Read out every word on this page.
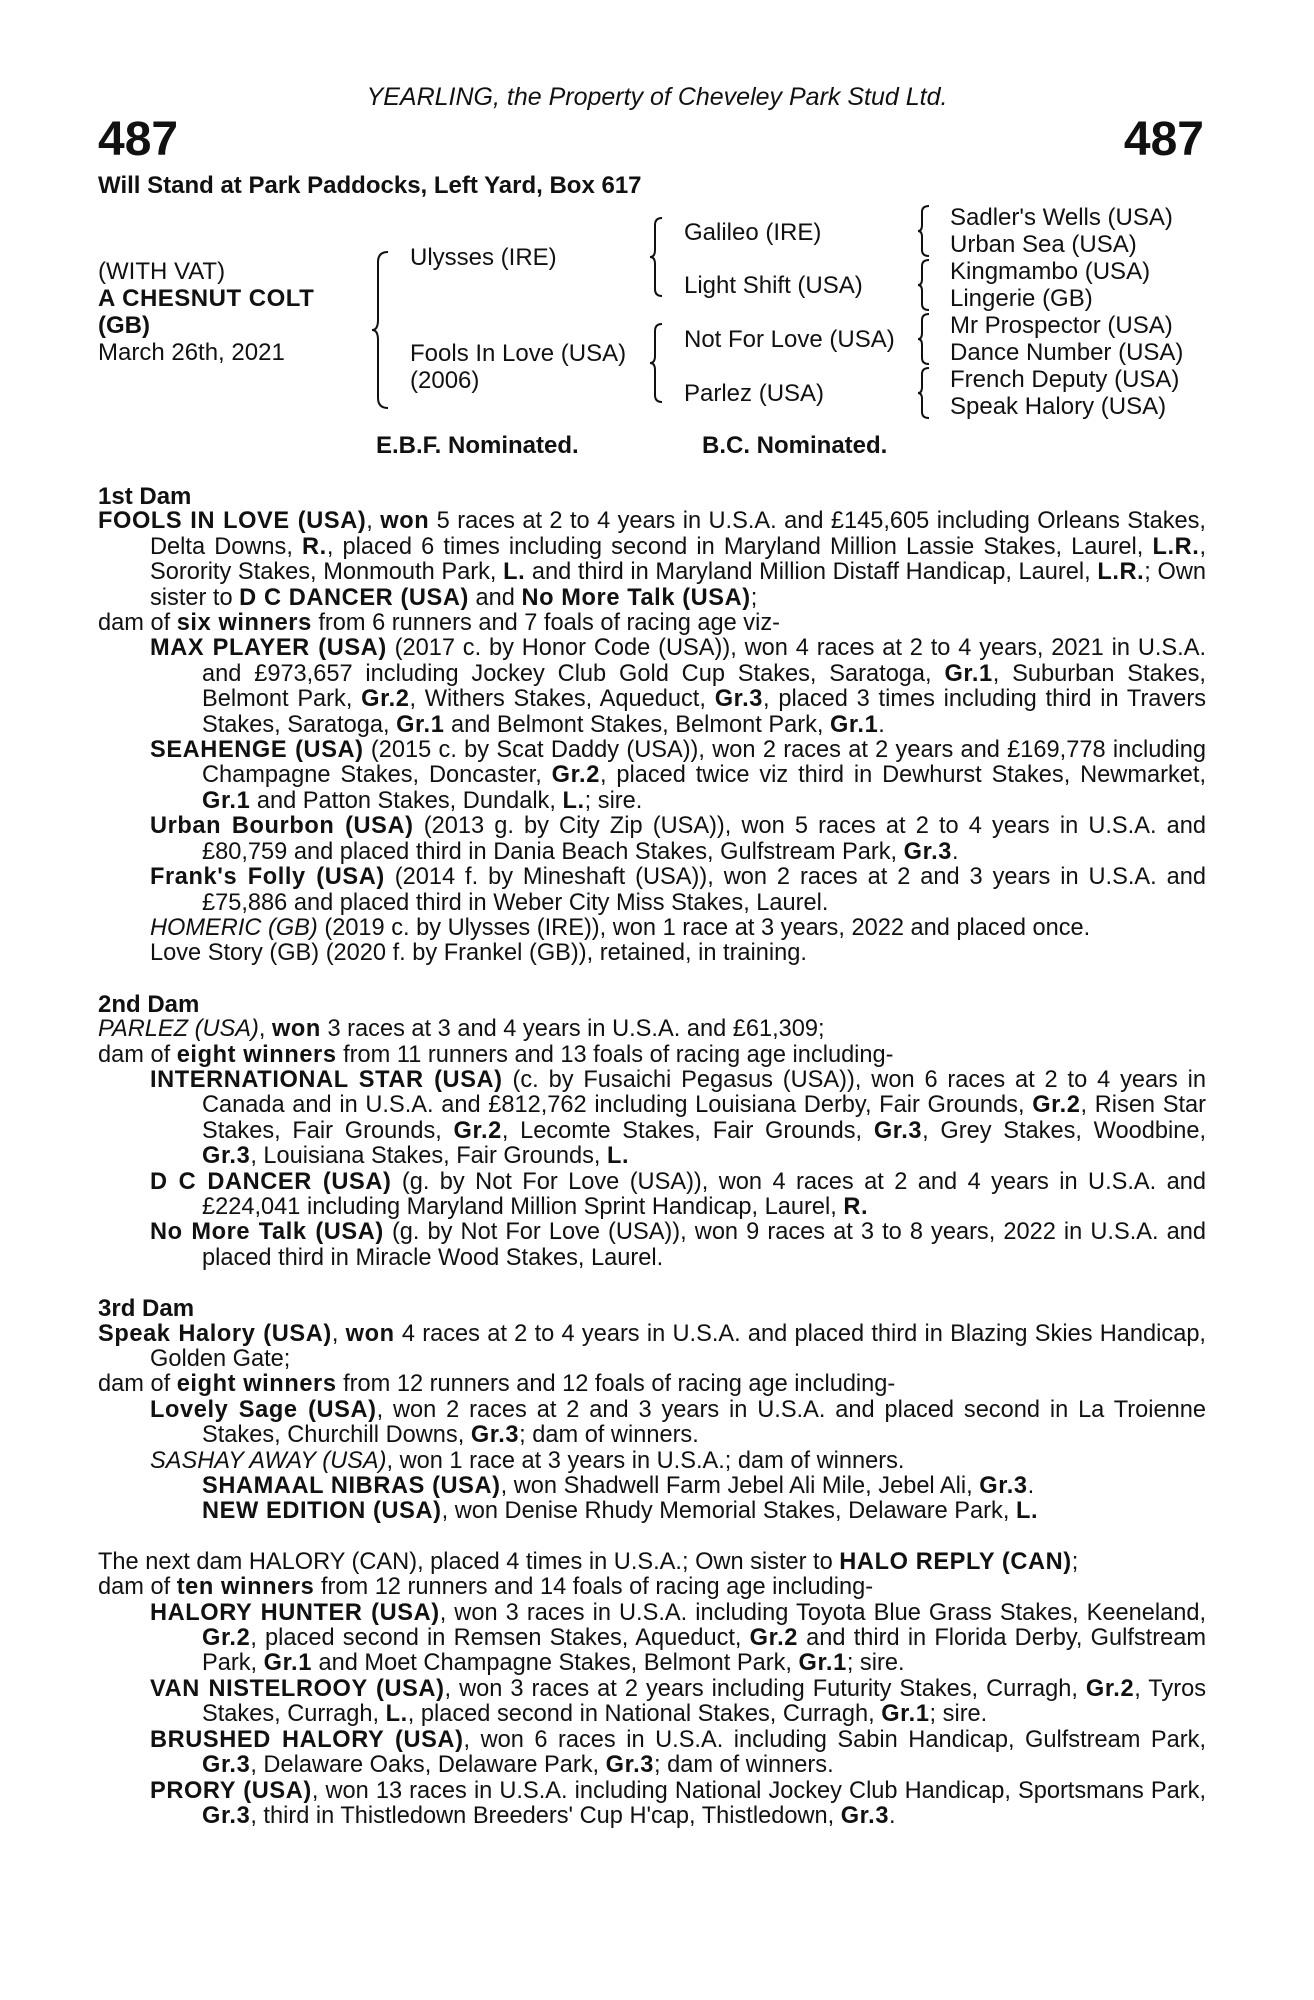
YEARLING, the Property of Cheveley Park Stud Ltd.
487	487
Will Stand at Park Paddocks, Left Yard, Box 617
(WITH VAT)
A CHESNUT COLT
(GB)
March 26th, 2021
Ulysses (IRE)
Fools In Love (USA)
(2006)
Galileo (IRE)
Light Shift (USA)
Not For Love (USA)
Parlez (USA)
Sadler's Wells (USA)
Urban Sea (USA)
Kingmambo (USA)
Lingerie (GB)
Mr Prospector (USA)
Dance Number (USA)
French Deputy (USA)
Speak Halory (USA)
E.B.F. Nominated.	B.C. Nominated.
1st Dam

FOOLS IN LOVE (USA), won 5 races at 2 to 4 years in U.S.A. and £145,605 including Orleans Stakes, Delta Downs, R., placed 6 times including second in Maryland Million Lassie Stakes, Laurel, L.R., Sorority Stakes, Monmouth Park, L. and third in Maryland Million Distaff Handicap, Laurel, L.R.; Own sister to D C DANCER (USA) and No More Talk (USA);

dam of six winners from 6 runners and 7 foals of racing age viz-

MAX PLAYER (USA) (2017 c. by Honor Code (USA)), won 4 races at 2 to 4 years, 2021 in U.S.A. and £973,657 including Jockey Club Gold Cup Stakes, Saratoga, Gr.1, Suburban Stakes, Belmont Park, Gr.2, Withers Stakes, Aqueduct, Gr.3, placed 3 times including third in Travers Stakes, Saratoga, Gr.1 and Belmont Stakes, Belmont Park, Gr.1.

SEAHENGE (USA) (2015 c. by Scat Daddy (USA)), won 2 races at 2 years and £169,778 including Champagne Stakes, Doncaster, Gr.2, placed twice viz third in Dewhurst Stakes, Newmarket, Gr.1 and Patton Stakes, Dundalk, L.; sire.

Urban Bourbon (USA) (2013 g. by City Zip (USA)), won 5 races at 2 to 4 years in U.S.A. and £80,759 and placed third in Dania Beach Stakes, Gulfstream Park, Gr.3.

Frank's Folly (USA) (2014 f. by Mineshaft (USA)), won 2 races at 2 and 3 years in U.S.A. and £75,886 and placed third in Weber City Miss Stakes, Laurel.

HOMERIC (GB) (2019 c. by Ulysses (IRE)), won 1 race at 3 years, 2022 and placed once.

Love Story (GB) (2020 f. by Frankel (GB)), retained, in training.

2nd Dam

PARLEZ (USA), won 3 races at 3 and 4 years in U.S.A. and £61,309;

dam of eight winners from 11 runners and 13 foals of racing age including-

INTERNATIONAL STAR (USA) (c. by Fusaichi Pegasus (USA)), won 6 races at 2 to 4 years in Canada and in U.S.A. and £812,762 including Louisiana Derby, Fair Grounds, Gr.2, Risen Star Stakes, Fair Grounds, Gr.2, Lecomte Stakes, Fair Grounds, Gr.3, Grey Stakes, Woodbine, Gr.3, Louisiana Stakes, Fair Grounds, L.

D C DANCER (USA) (g. by Not For Love (USA)), won 4 races at 2 and 4 years in U.S.A. and £224,041 including Maryland Million Sprint Handicap, Laurel, R.

No More Talk (USA) (g. by Not For Love (USA)), won 9 races at 3 to 8 years, 2022 in U.S.A. and placed third in Miracle Wood Stakes, Laurel.

3rd Dam

Speak Halory (USA), won 4 races at 2 to 4 years in U.S.A. and placed third in Blazing Skies Handicap, Golden Gate;

dam of eight winners from 12 runners and 12 foals of racing age including-

Lovely Sage (USA), won 2 races at 2 and 3 years in U.S.A. and placed second in La Troienne Stakes, Churchill Downs, Gr.3; dam of winners.

SASHAY AWAY (USA), won 1 race at 3 years in U.S.A.; dam of winners.

SHAMAAL NIBRAS (USA), won Shadwell Farm Jebel Ali Mile, Jebel Ali, Gr.3.

NEW EDITION (USA), won Denise Rhudy Memorial Stakes, Delaware Park, L.

The next dam HALORY (CAN), placed 4 times in U.S.A.; Own sister to HALO REPLY (CAN);

dam of ten winners from 12 runners and 14 foals of racing age including-

HALORY HUNTER (USA), won 3 races in U.S.A. including Toyota Blue Grass Stakes, Keeneland, Gr.2, placed second in Remsen Stakes, Aqueduct, Gr.2 and third in Florida Derby, Gulfstream Park, Gr.1 and Moet Champagne Stakes, Belmont Park, Gr.1; sire.

VAN NISTELROOY (USA), won 3 races at 2 years including Futurity Stakes, Curragh, Gr.2, Tyros Stakes, Curragh, L., placed second in National Stakes, Curragh, Gr.1; sire.

BRUSHED HALORY (USA), won 6 races in U.S.A. including Sabin Handicap, Gulfstream Park, Gr.3, Delaware Oaks, Delaware Park, Gr.3; dam of winners.

PRORY (USA), won 13 races in U.S.A. including National Jockey Club Handicap, Sportsmans Park, Gr.3, third in Thistledown Breeders' Cup H'cap, Thistledown, Gr.3.
